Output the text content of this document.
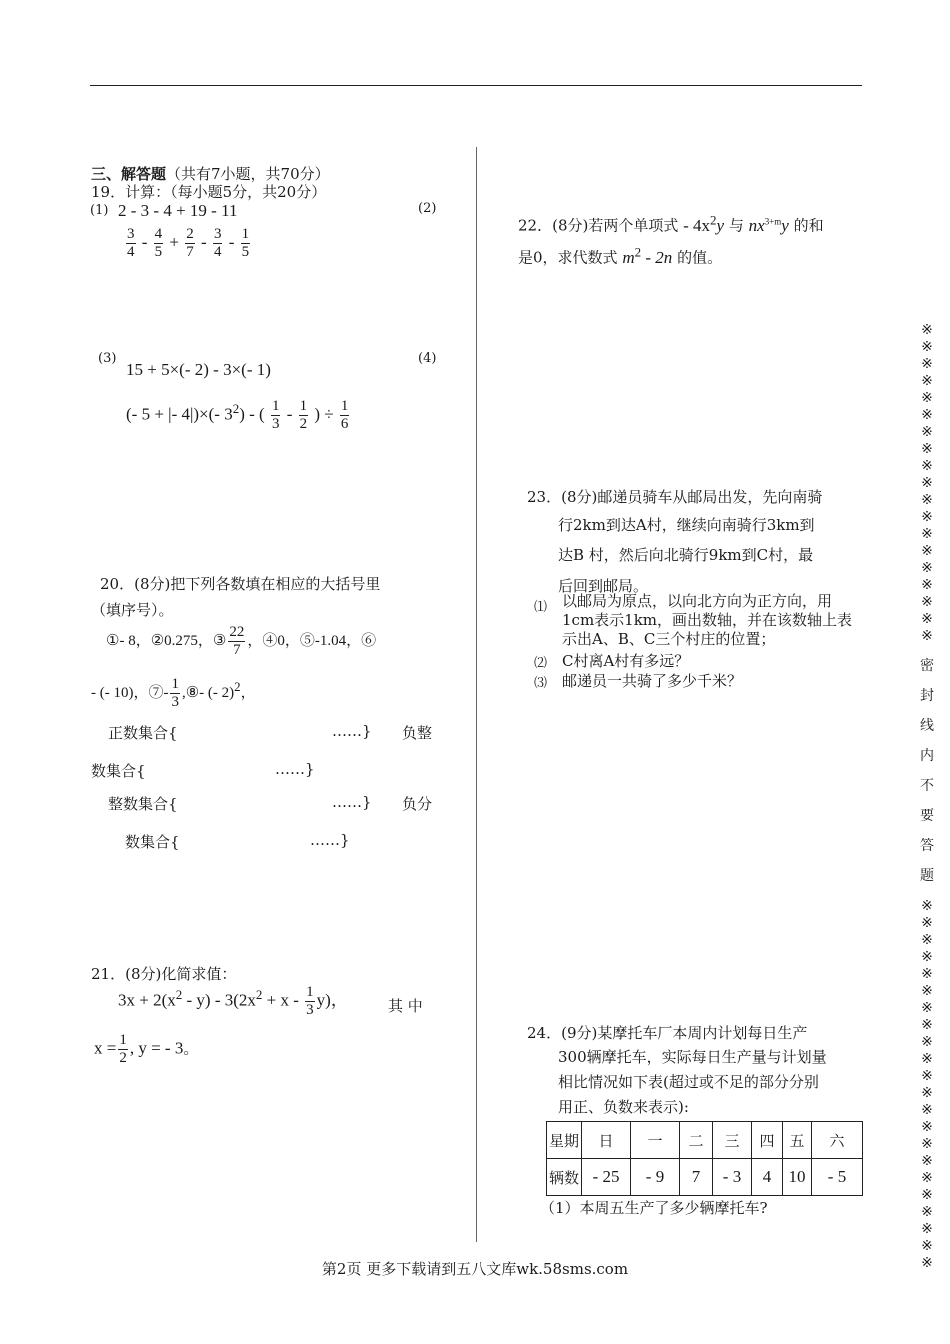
三、解答题（共有7小题，共70分）
19．计算：（每小题5分，共20分）
(1) 2 - 3 - 4 + 19 - 11	(2)
$\frac{3}{4} - \frac{4}{5} + \frac{2}{7} - \frac{3}{4} - \frac{1}{5}$
(3)
15 + 5×(- 2) - 3×(- 1)
(4)
(- 5 + |- 4|)×(- $3^2$) - ( $\frac{1}{3} - \frac{1}{2}$ ) ÷ $\frac{1}{6}$
20．(8分)把下列各数填在相应的大括号里
（填序号）。
①- 8，②0.275，③ $\frac{22}{7}$ ，④0，⑤-1.04，⑥
- (- 10)，⑦- $\frac{1}{3}$ ,⑧- (- 2)$^2$，
正数集合{	……} 负整
数集合{	……}
整数集合{	……} 负分
数集合{	……}
21．(8分)化简求值：
$3x + 2(x^2 - y) - 3(2x^2 + x - \frac{1}{3} y)$，	其 中
$x = \frac{1}{2}$ , y = - 3。
22．(8分)若两个单项式 - $4x^2y$ 与 $nx^{3+m}y$ 的和
是0，求代数式 $m^2 - 2n$ 的值。
23．(8分)邮递员骑车从邮局出发，先向南骑
行2km到达A村，继续向南骑行3km到
达B 村，然后向北骑行9km到C村，最
后回到邮局。
⑴ 以邮局为原点，以向北方向为正方向，用1cm表示1km，画出数轴，并在该数轴上表示出A、B、C三个村庄的位置；
⑵ C村离A村有多远？
⑶ 邮递员一共骑了多少千米？
24．(9分)某摩托车厂本周内计划每日生产
300辆摩托车，实际每日生产量与计划量
相比情况如下表(超过或不足的部分分别
用正、负数来表示):
星期	日	一	二	三	四	五	六
辆数	- 25	- 9	7	- 3	4	10	- 5
（1）本周五生产了多少辆摩托车?
※※※※※※※※※※※※※※※※※※※
密
封
线
内
不
要
答
题
※※※※※※※※※※※※※※※※※※※※※※
第2页 更多下载请到五八文库wk.58sms.com
